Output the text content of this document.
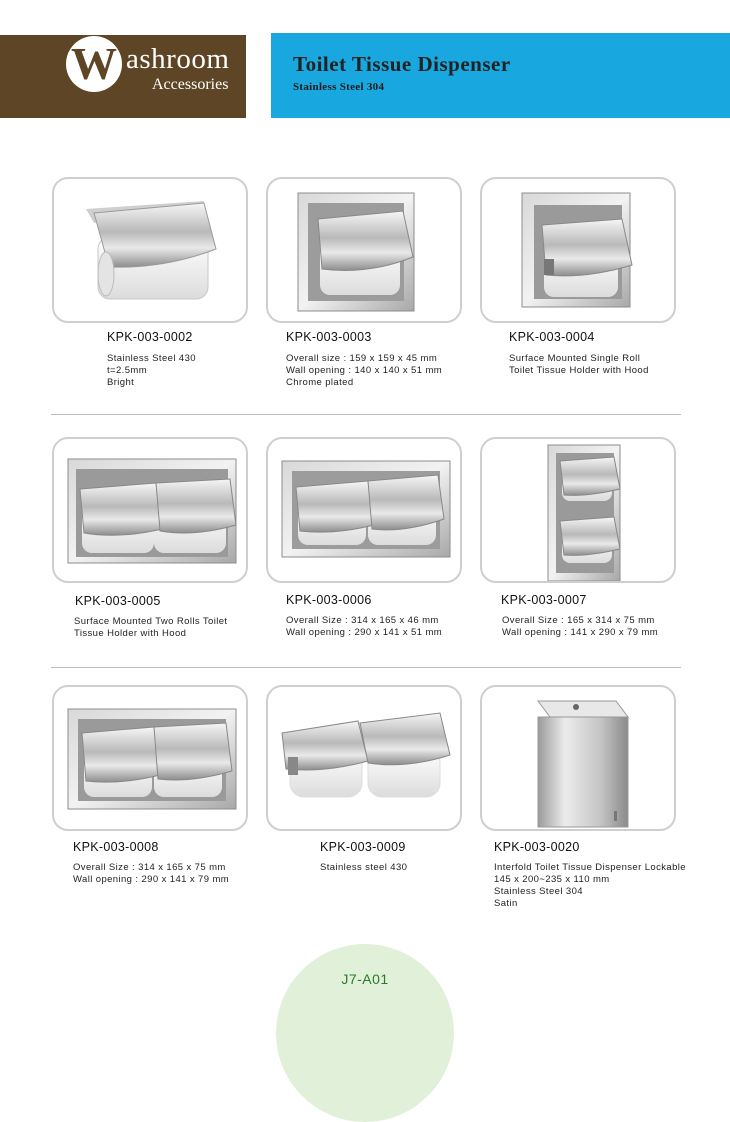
W ashroom
Accessories
Toilet Tissue Dispenser
Stainless Steel 304
KPK-003-0002
Stainless Steel 430
t=2.5mm
Bright
KPK-003-0003
Overall size : 159 x 159 x 45 mm
Wall opening : 140 x 140 x 51 mm
Chrome plated
KPK-003-0004
Surface Mounted Single Roll
Toilet Tissue Holder with Hood
KPK-003-0005
Surface Mounted Two Rolls Toilet
Tissue Holder with Hood
KPK-003-0006
Overall Size : 314 x 165 x 46 mm
Wall opening : 290 x 141 x 51 mm
KPK-003-0007
Overall Size : 165 x 314 x 75 mm
Wall opening : 141 x 290 x 79 mm
KPK-003-0008
Overall Size : 314 x 165 x 75 mm
Wall opening : 290 x 141 x 79 mm
KPK-003-0009
Stainless steel 430
KPK-003-0020
Interfold Toilet Tissue Dispenser Lockable
145 x 200~235 x 110 mm
Stainless Steel 304
Satin
J7-A01
